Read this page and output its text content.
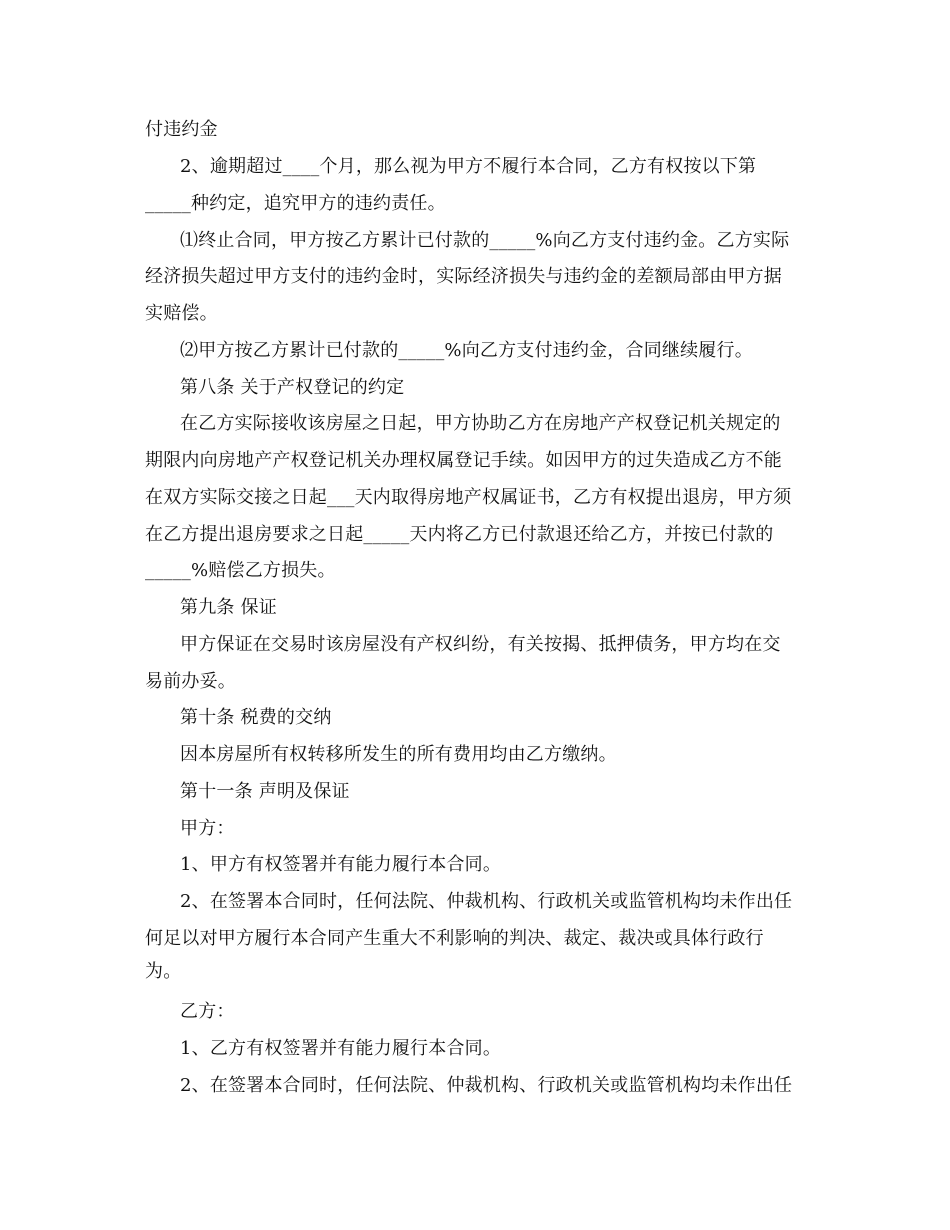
付违约金
2、逾期超过____个月，那么视为甲方不履行本合同，乙方有权按以下第
_____种约定，追究甲方的违约责任。
⑴终止合同，甲方按乙方累计已付款的_____%向乙方支付违约金。乙方实际
经济损失超过甲方支付的违约金时，实际经济损失与违约金的差额局部由甲方据
实赔偿。
⑵甲方按乙方累计已付款的_____%向乙方支付违约金，合同继续履行。
第八条 关于产权登记的约定
在乙方实际接收该房屋之日起，甲方协助乙方在房地产产权登记机关规定的
期限内向房地产产权登记机关办理权属登记手续。如因甲方的过失造成乙方不能
在双方实际交接之日起___天内取得房地产权属证书，乙方有权提出退房，甲方须
在乙方提出退房要求之日起_____天内将乙方已付款退还给乙方，并按已付款的
_____%赔偿乙方损失。
第九条 保证
甲方保证在交易时该房屋没有产权纠纷，有关按揭、抵押债务，甲方均在交
易前办妥。
第十条 税费的交纳
因本房屋所有权转移所发生的所有费用均由乙方缴纳。
第十一条 声明及保证
甲方：
1、甲方有权签署并有能力履行本合同。
2、在签署本合同时，任何法院、仲裁机构、行政机关或监管机构均未作出任
何足以对甲方履行本合同产生重大不利影响的判决、裁定、裁决或具体行政行
为。
乙方：
1、乙方有权签署并有能力履行本合同。
2、在签署本合同时，任何法院、仲裁机构、行政机关或监管机构均未作出任
